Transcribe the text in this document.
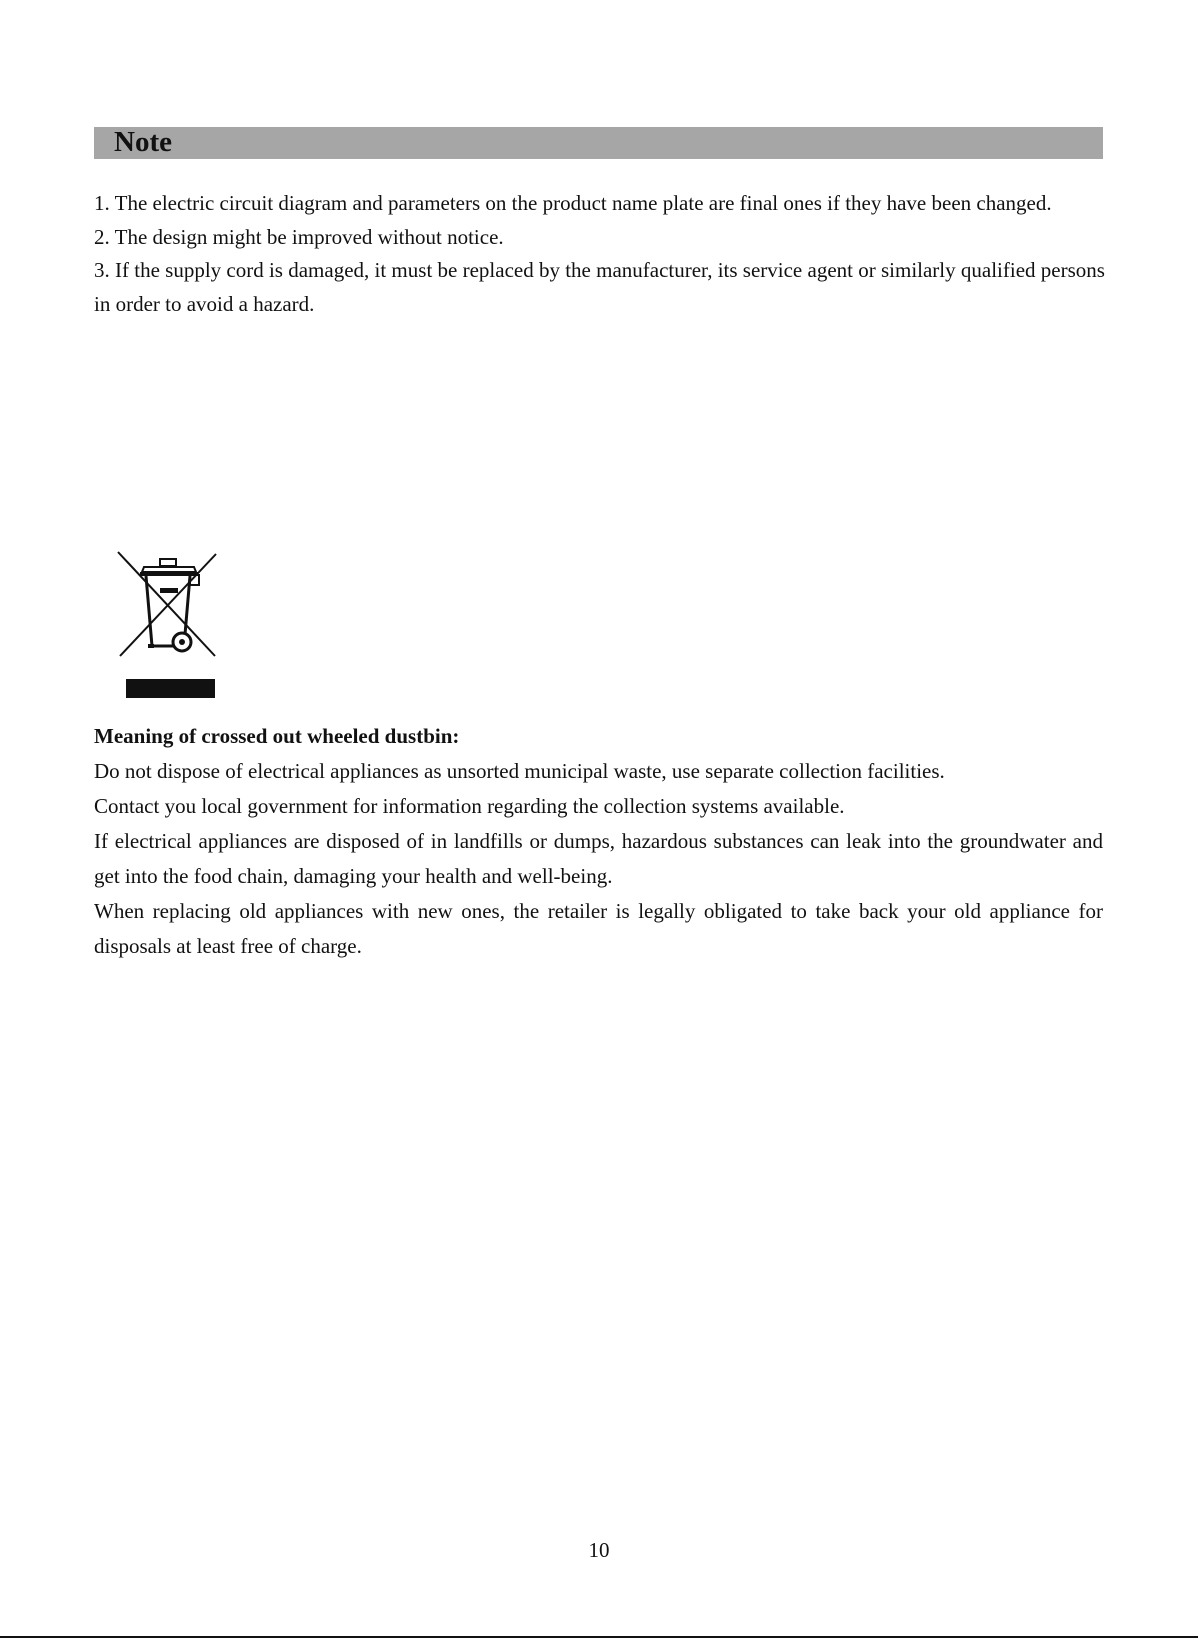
Note

1. The electric circuit diagram and parameters on the product name plate are final ones if they have been changed.

2. The design might be improved without notice.

3. If the supply cord is damaged, it must be replaced by the manufacturer, its service agent or similarly qualified persons in order to avoid a hazard.

Meaning of crossed out wheeled dustbin:

Do not dispose of electrical appliances as unsorted municipal waste, use separate collection facilities.

Contact you local government for information regarding the collection systems available.

If electrical appliances are disposed of in landfills or dumps, hazardous substances can leak into the groundwater and get into the food chain, damaging your health and well-being.

When replacing old appliances with new ones, the retailer is legally obligated to take back your old appliance for disposals at least free of charge.

10
